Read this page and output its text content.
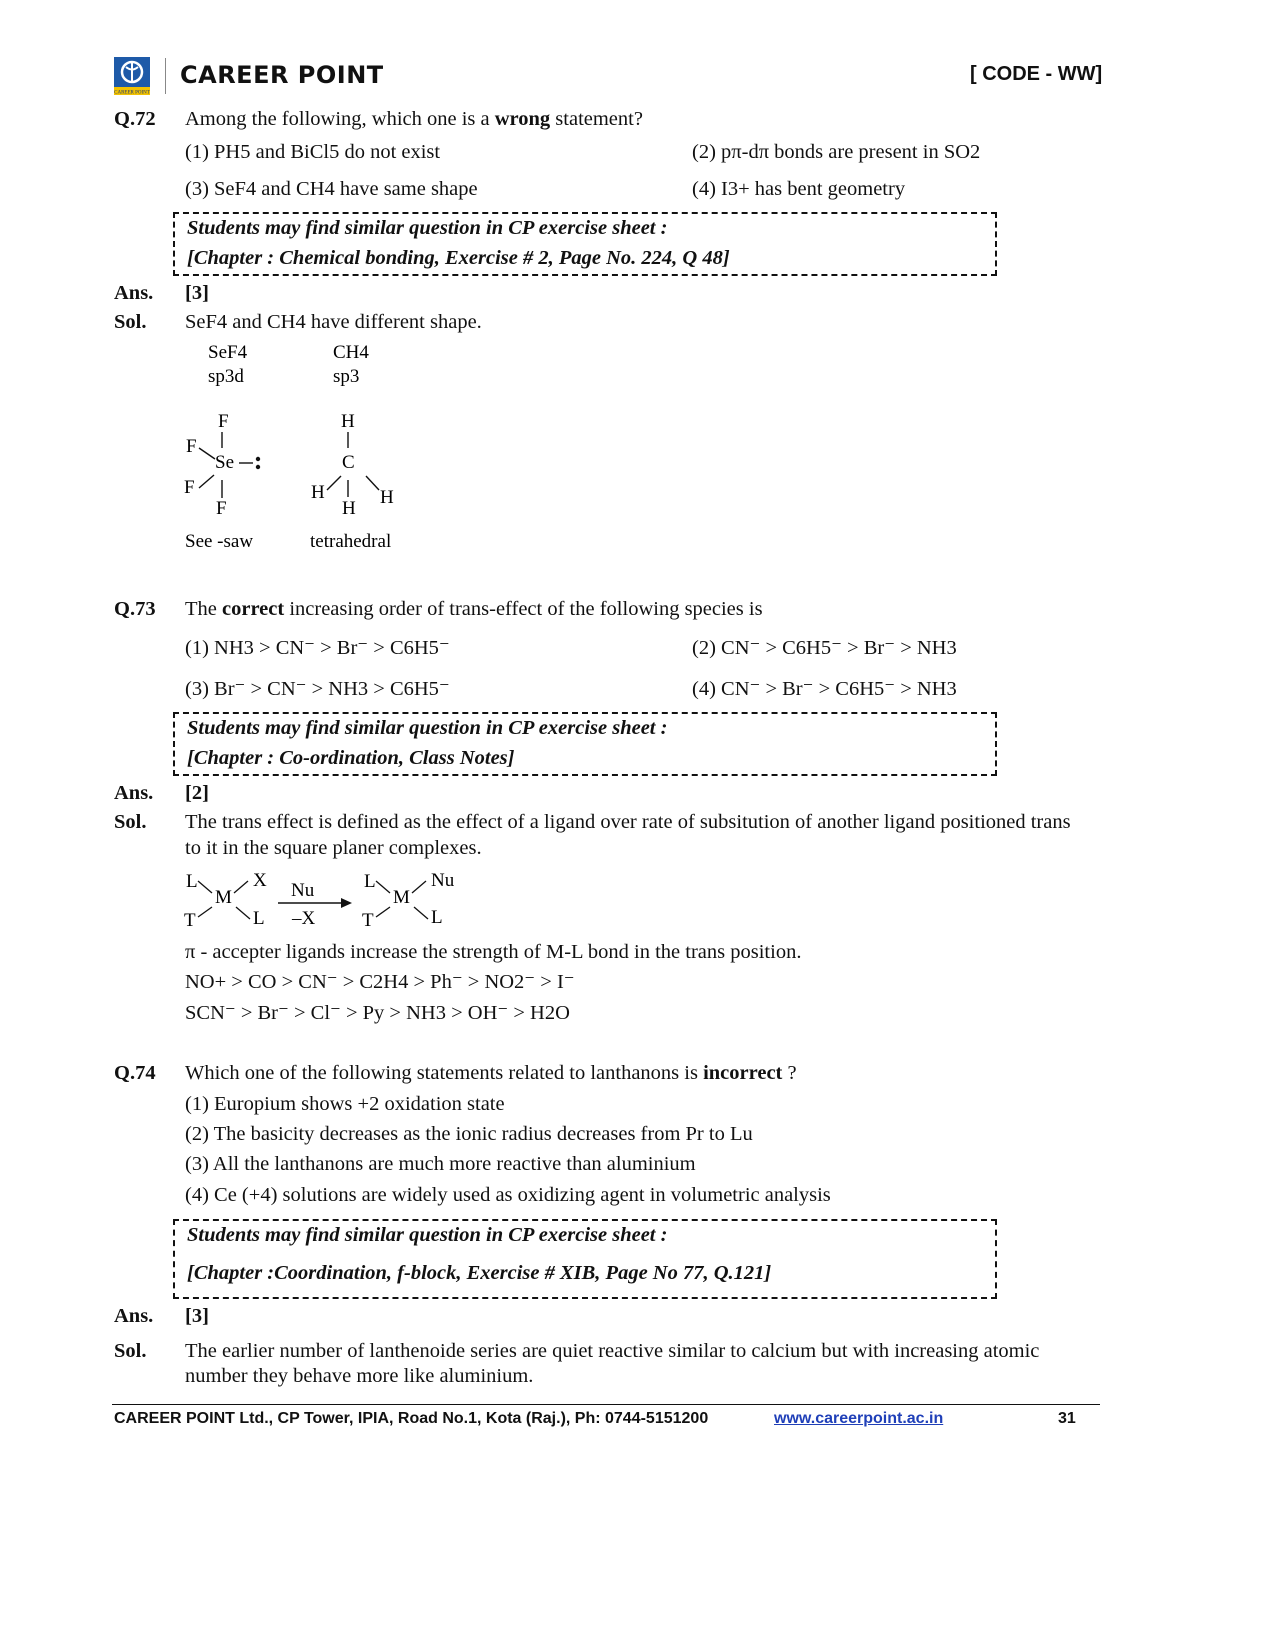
CAREER POINT
CAREER POINT	[ CODE - WW]
Q.72 Among the following, which one is a wrong statement?
(1) PH5 and BiCl5 do not exist	(2) pπ-dπ bonds are present in SO2
(3) SeF4 and CH4 have same shape	(4) I3+ has bent geometry
Students may find similar question in CP exercise sheet :
[Chapter : Chemical bonding, Exercise # 2, Page No. 224, Q 48]
Ans. [3]
Sol. SeF4 and CH4 have different shape.
SeF4
sp3d
CH4
sp3
F
F
Se
F
F
See -saw
H
C
H	H
H
tetrahedral
Q.73 The correct increasing order of trans-effect of the following species is
(1) NH3 > CN⁻ > Br⁻ > C6H5⁻	(2) CN⁻ > C6H5⁻ > Br⁻ > NH3
(3) Br⁻ > CN⁻ > NH3 > C6H5⁻	(4) CN⁻ > Br⁻ > C6H5⁻ > NH3
Students may find similar question in CP exercise sheet :
[Chapter : Co-ordination, Class Notes]
Ans. [2]
Sol. The trans effect is defined as the effect of a ligand over rate of subsitution of another ligand positioned trans
to it in the square planer complexes.
L
M
X
T	L
Nu
–X
L
M
Nu
T	L
π - accepter ligands increase the strength of M-L bond in the trans position.
NO+ > CO > CN⁻ > C2H4 > Ph⁻ > NO2⁻ > I⁻
SCN⁻ > Br⁻ > Cl⁻ > Py > NH3 > OH⁻ > H2O
Q.74 Which one of the following statements related to lanthanons is incorrect ?
(1) Europium shows +2 oxidation state
(2) The basicity decreases as the ionic radius decreases from Pr to Lu
(3) All the lanthanons are much more reactive than aluminium
(4) Ce (+4) solutions are widely used as oxidizing agent in volumetric analysis
Students may find similar question in CP exercise sheet :
[Chapter :Coordination, f-block, Exercise # XIB, Page No 77, Q.121]
Ans. [3]
Sol. The earlier number of lanthenoide series are quiet reactive similar to calcium but with increasing atomic
number they behave more like aluminium.
CAREER POINT Ltd., CP Tower, IPIA, Road No.1, Kota (Raj.), Ph: 0744-5151200	www.careerpoint.ac.in	31
